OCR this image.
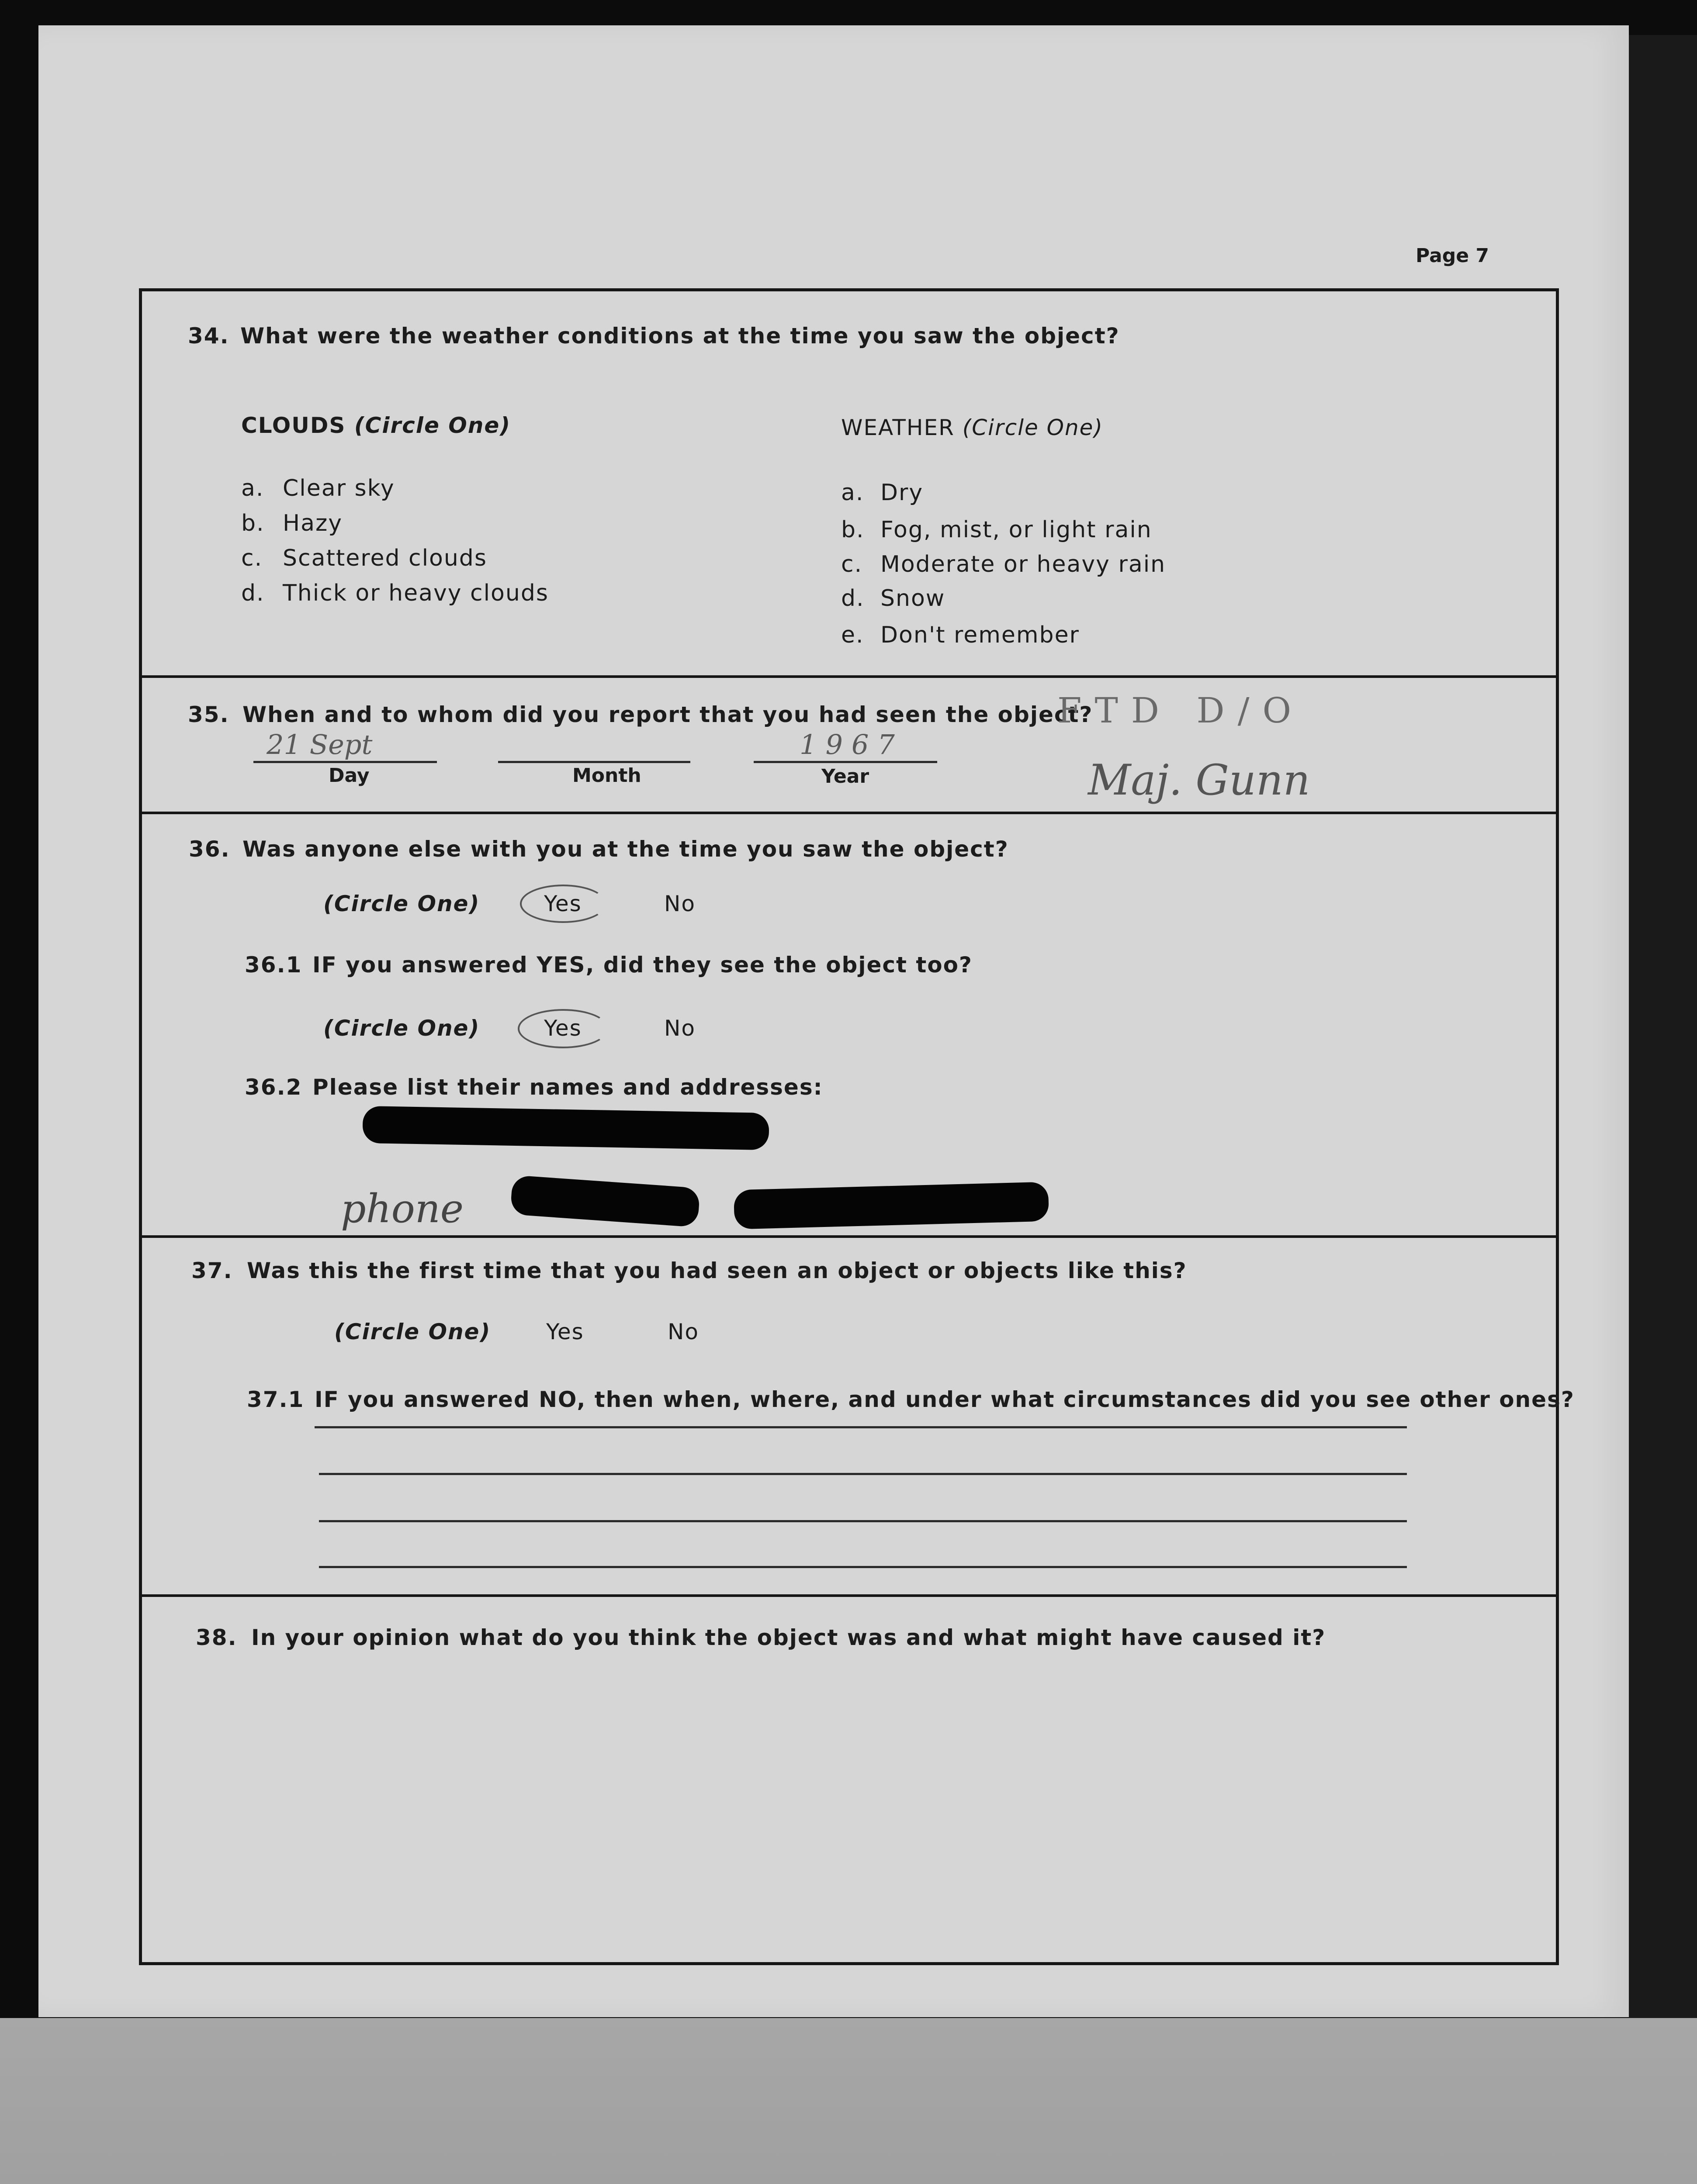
Page 7
34. What were the weather conditions at the time you saw the object?
CLOUDS (Circle One)
a. Clear sky
b. Hazy
c. Scattered clouds
d. Thick or heavy clouds
WEATHER (Circle One)
a. Dry
b. Fog, mist, or light rain
c. Moderate or heavy rain
d. Snow
e. Don't remember
35. When and to whom did you report that you had seen the object?
21 Sept
Day	Month
1967
Year
FTD D/O
Maj. Gunn
36. Was anyone else with you at the time you saw the object?
(Circle One)	Yes	No
36.1 IF you answered YES, did they see the object too?
(Circle One)	Yes	No
36.2 Please list their names and addresses:
phone
37. Was this the first time that you had seen an object or objects like this?
(Circle One)	Yes	No
37.1 IF you answered NO, then when, where, and under what circumstances did you see other ones?
38. In your opinion what do you think the object was and what might have caused it?
